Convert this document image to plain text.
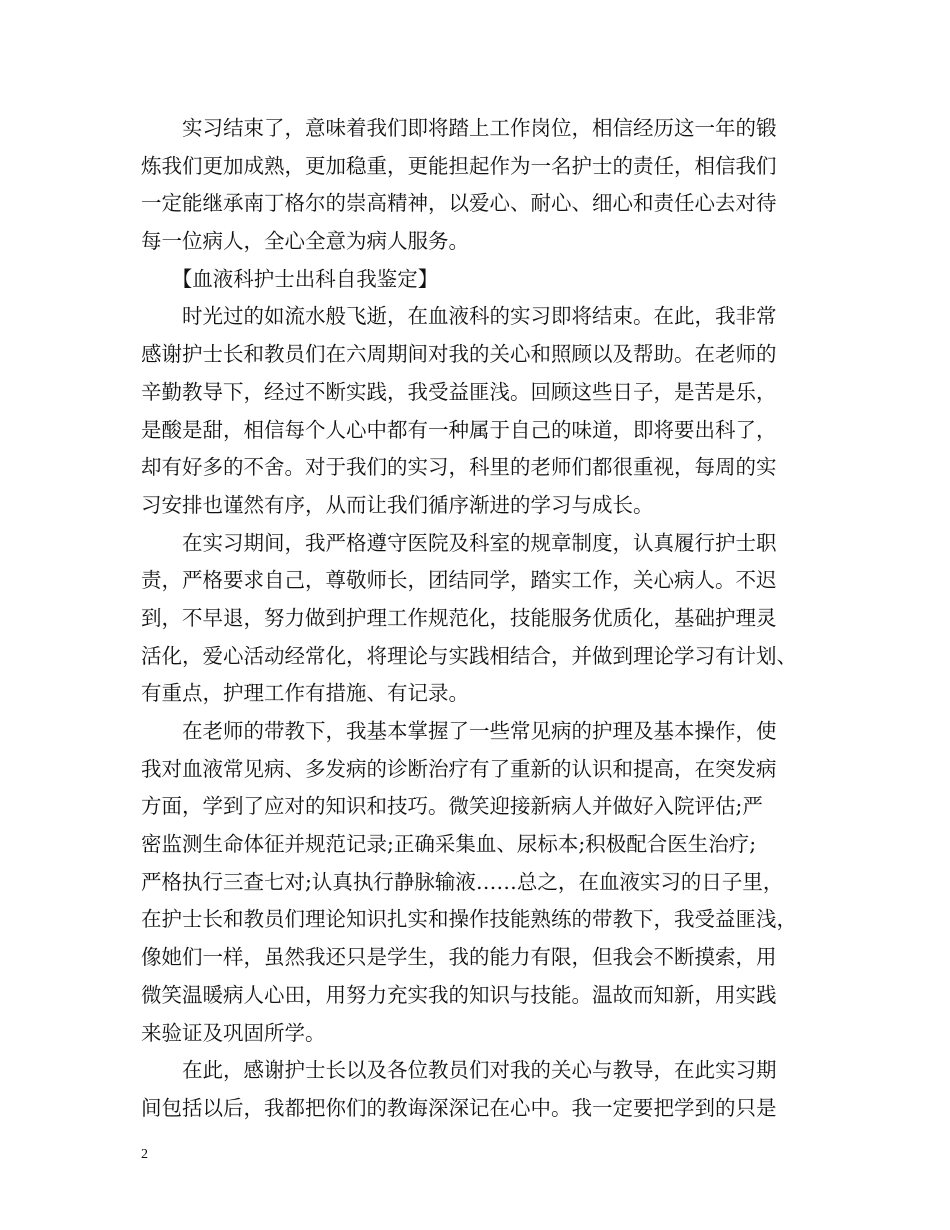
　　实习结束了，意味着我们即将踏上工作岗位，相信经历这一年的锻
炼我们更加成熟，更加稳重，更能担起作为一名护士的责任，相信我们
一定能继承南丁格尔的崇高精神，以爱心、耐心、细心和责任心去对待
每一位病人，全心全意为病人服务。
　　【血液科护士出科自我鉴定】
　　时光过的如流水般飞逝，在血液科的实习即将结束。在此，我非常
感谢护士长和教员们在六周期间对我的关心和照顾以及帮助。在老师的
辛勤教导下，经过不断实践，我受益匪浅。回顾这些日子，是苦是乐，
是酸是甜，相信每个人心中都有一种属于自己的味道，即将要出科了，
却有好多的不舍。对于我们的实习，科里的老师们都很重视，每周的实
习安排也谨然有序，从而让我们循序渐进的学习与成长。
　　在实习期间，我严格遵守医院及科室的规章制度，认真履行护士职
责，严格要求自己，尊敬师长，团结同学，踏实工作，关心病人。不迟
到，不早退，努力做到护理工作规范化，技能服务优质化，基础护理灵
活化，爱心活动经常化，将理论与实践相结合，并做到理论学习有计划、
有重点，护理工作有措施、有记录。
　　在老师的带教下，我基本掌握了一些常见病的护理及基本操作，使
我对血液常见病、多发病的诊断治疗有了重新的认识和提高，在突发病
方面，学到了应对的知识和技巧。微笑迎接新病人并做好入院评估;严
密监测生命体征并规范记录;正确采集血、尿标本;积极配合医生治疗;
严格执行三查七对;认真执行静脉输液……总之，在血液实习的日子里，
在护士长和教员们理论知识扎实和操作技能熟练的带教下，我受益匪浅，
像她们一样，虽然我还只是学生，我的能力有限，但我会不断摸索，用
微笑温暖病人心田，用努力充实我的知识与技能。温故而知新，用实践
来验证及巩固所学。
　　在此，感谢护士长以及各位教员们对我的关心与教导，在此实习期
间包括以后，我都把你们的教诲深深记在心中。我一定要把学到的只是
2
